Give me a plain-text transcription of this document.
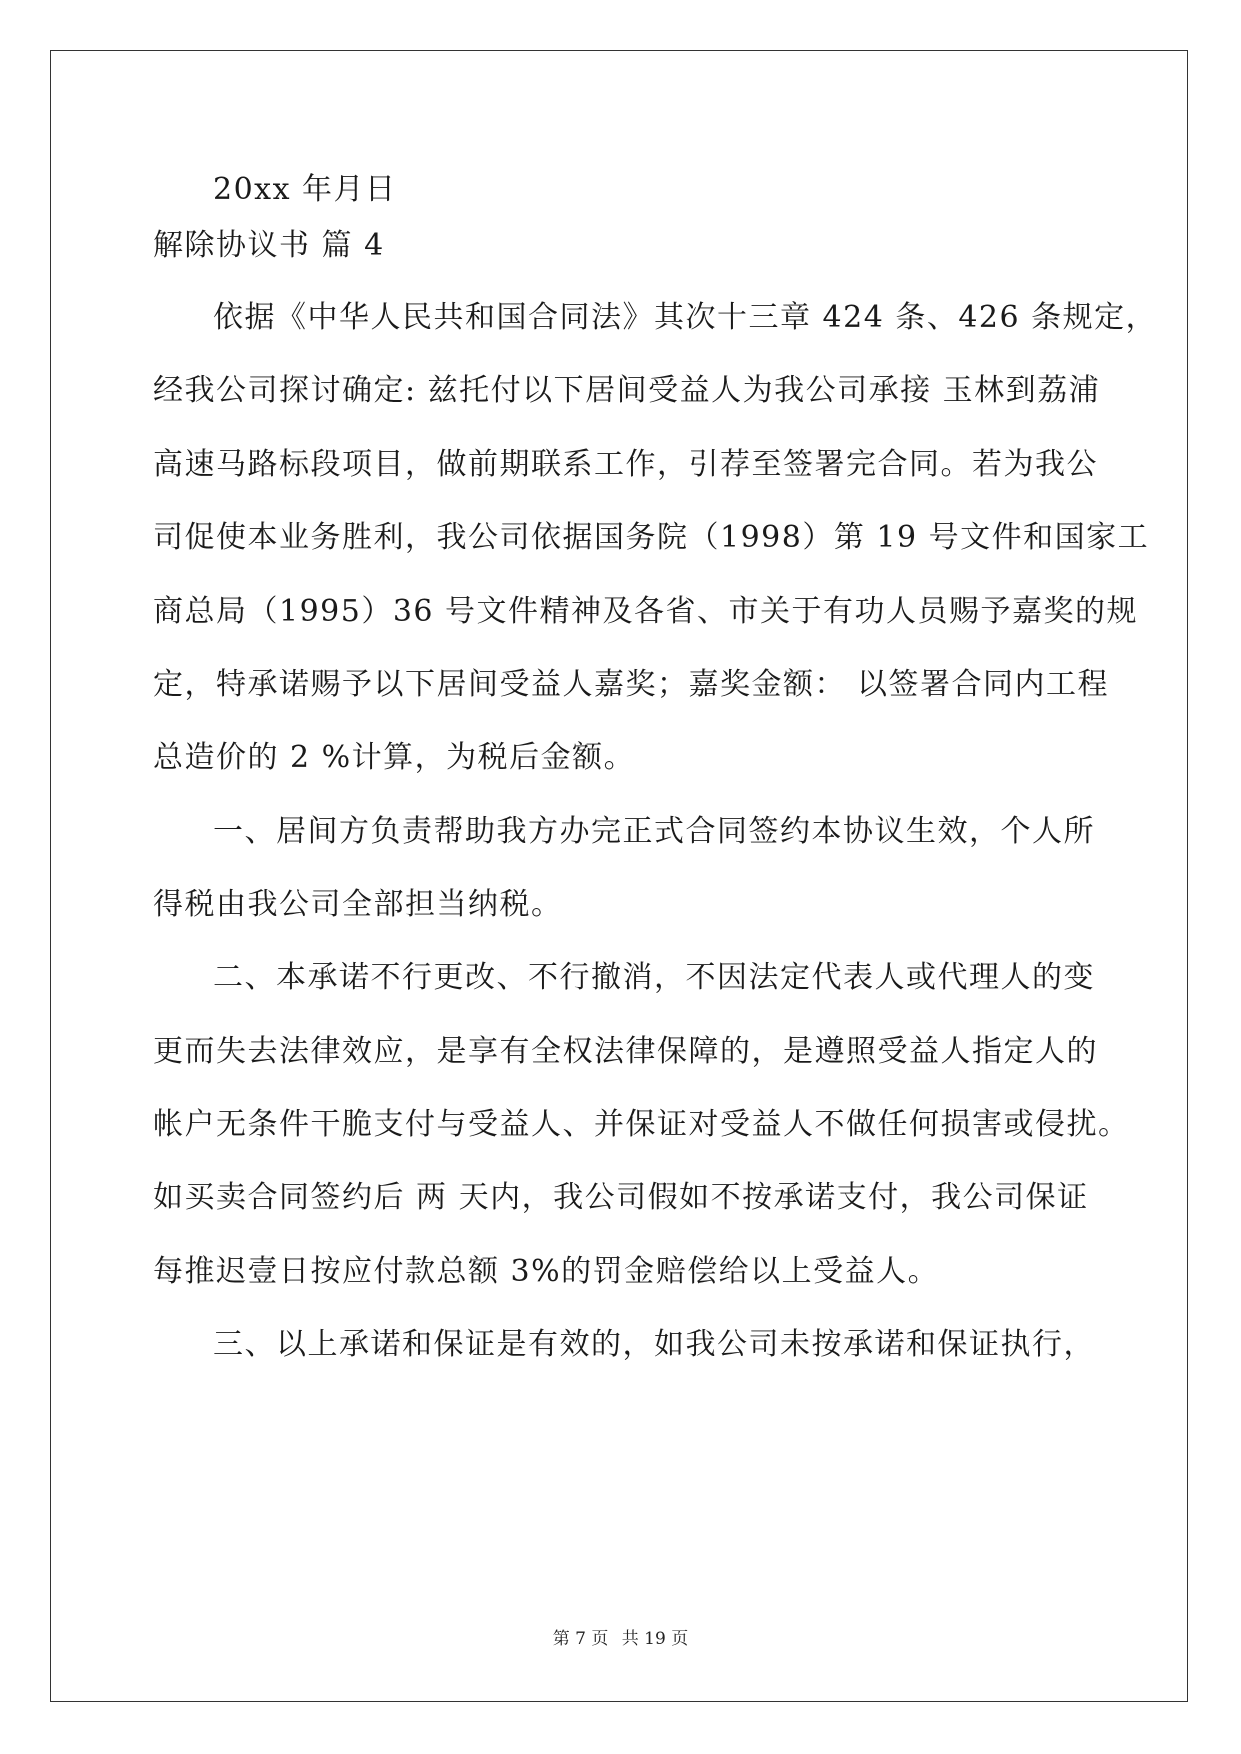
20xx 年月日
解除协议书 篇 4
依据《中华人民共和国合同法》其次十三章 424 条、426 条规定，
经我公司探讨确定: 兹托付以下居间受益人为我公司承接 玉林到荔浦
高速马路标段项目，做前期联系工作，引荐至签署完合同。若为我公
司促使本业务胜利，我公司依据国务院（1998）第 19 号文件和国家工
商总局（1995）36 号文件精神及各省、市关于有功人员赐予嘉奖的规
定，特承诺赐予以下居间受益人嘉奖；嘉奖金额： 以签署合同内工程
总造价的 2 %计算，为税后金额。
一、居间方负责帮助我方办完正式合同签约本协议生效，个人所
得税由我公司全部担当纳税。
二、本承诺不行更改、不行撤消，不因法定代表人或代理人的变
更而失去法律效应，是享有全权法律保障的，是遵照受益人指定人的
帐户无条件干脆支付与受益人、并保证对受益人不做任何损害或侵扰。
如买卖合同签约后 两 天内，我公司假如不按承诺支付，我公司保证
每推迟壹日按应付款总额 3%的罚金赔偿给以上受益人。
三、以上承诺和保证是有效的，如我公司未按承诺和保证执行，
第 7 页 共 19 页
